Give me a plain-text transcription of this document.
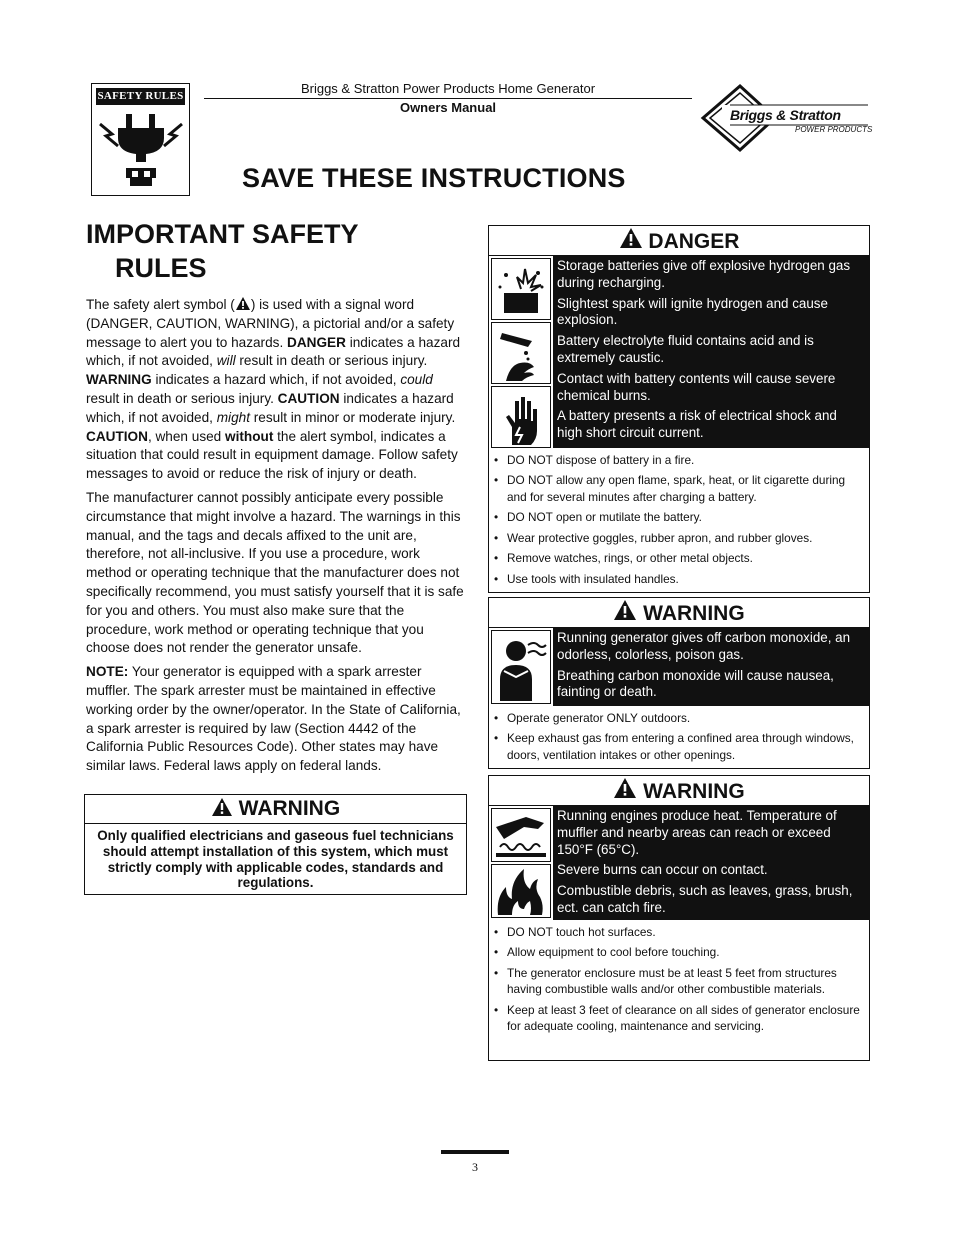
SAFETY RULES	Briggs & Stratton Power Products Home Generator
Owners Manual	Briggs & Stratton
POWER PRODUCTS
SAVE THESE INSTRUCTIONS
IMPORTANT SAFETY
RULES

The safety alert symbol ( ) is used with a signal word (DANGER, CAUTION, WARNING), a pictorial and/or a safety message to alert you to hazards. DANGER indicates a hazard which, if not avoided, will result in death or serious injury. WARNING indicates a hazard which, if not avoided, could result in death or serious injury. CAUTION indicates a hazard which, if not avoided, might result in minor or moderate injury. CAUTION, when used without the alert symbol, indicates a situation that could result in equipment damage. Follow safety messages to avoid or reduce the risk of injury or death.

The manufacturer cannot possibly anticipate every possible circumstance that might involve a hazard. The warnings in this manual, and the tags and decals affixed to the unit are, therefore, not all-inclusive. If you use a procedure, work method or operating technique that the manufacturer does not specifically recommend, you must satisfy yourself that it is safe for you and others. You must also make sure that the procedure, work method or operating technique that you choose does not render the generator unsafe.

NOTE: Your generator is equipped with a spark arrester muffler. The spark arrester must be maintained in effective working order by the owner/operator. In the State of California, a spark arrester is required by law (Section 4442 of the California Public Resources Code). Other states may have similar laws. Federal laws apply on federal lands.

WARNING
Only qualified electricians and gaseous fuel technicians should attempt installation of this system, which must strictly comply with applicable codes, standards and regulations.
DANGER

Storage batteries give off explosive hydrogen gas during recharging.

Slightest spark will ignite hydrogen and cause explosion.

Battery electrolyte fluid contains acid and is extremely caustic.

Contact with battery contents will cause severe chemical burns.

A battery presents a risk of electrical shock and high short circuit current.

• DO NOT dispose of battery in a fire.
• DO NOT allow any open flame, spark, heat, or lit cigarette during and for several minutes after charging a battery.
• DO NOT open or mutilate the battery.
• Wear protective goggles, rubber apron, and rubber gloves.
• Remove watches, rings, or other metal objects.
• Use tools with insulated handles.
WARNING

Running generator gives off carbon monoxide, an odorless, colorless, poison gas.

Breathing carbon monoxide will cause nausea, fainting or death.

• Operate generator ONLY outdoors.
• Keep exhaust gas from entering a confined area through windows, doors, ventilation intakes or other openings.
WARNING

Running engines produce heat. Temperature of muffler and nearby areas can reach or exceed 150°F (65°C).

Severe burns can occur on contact.

Combustible debris, such as leaves, grass, brush, ect. can catch fire.

• DO NOT touch hot surfaces.
• Allow equipment to cool before touching.
• The generator enclosure must be at least 5 feet from structures having combustible walls and/or other combustible materials.
• Keep at least 3 feet of clearance on all sides of generator enclosure for adequate cooling, maintenance and servicing.
3
